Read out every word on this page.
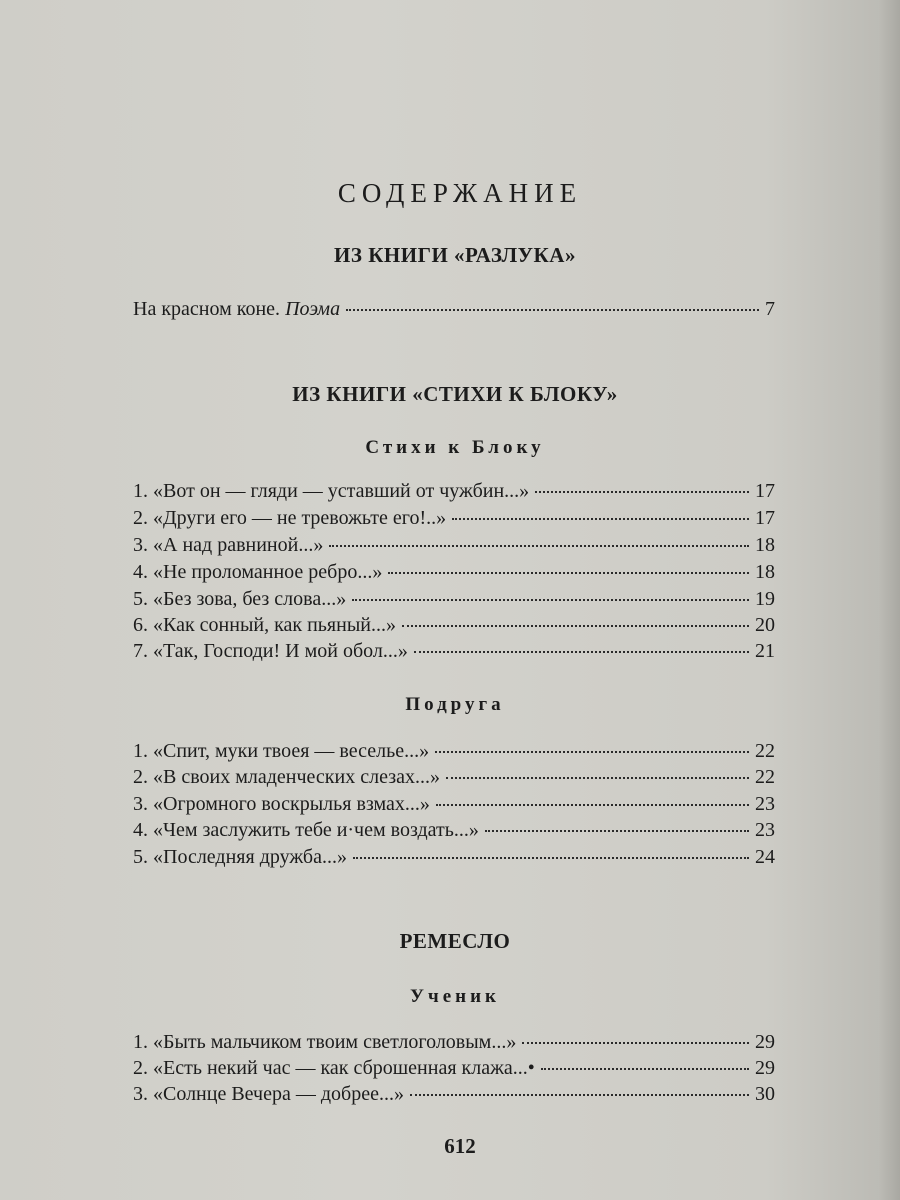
СОДЕРЖАНИЕ
ИЗ КНИГИ «РАЗЛУКА»
На красном коне. Поэма	7
ИЗ КНИГИ «СТИХИ К БЛОКУ»
Стихи к Блоку
1. «Вот он — гляди — уставший от чужбин...»	17
2. «Други его — не тревожьте его!..»	17
3. «А над равниной...»	18
4. «Не проломанное ребро...»	18
5. «Без зова, без слова...»	19
6. «Как сонный, как пьяный...»	20
7. «Так, Господи! И мой обол...»	21
Подруга
1. «Спит, муки твоея — веселье...»	22
2. «В своих младенческих слезах...»	22
3. «Огромного воскрылья взмах...»	23
4. «Чем заслужить тебе и·чем воздать...»	23
5. «Последняя дружба...»	24
РЕМЕСЛО
Ученик
1. «Быть мальчиком твоим светлоголовым...»	29
2. «Есть некий час — как сброшенная клажа...•	29
3. «Солнце Вечера — добрее...»	30
612
